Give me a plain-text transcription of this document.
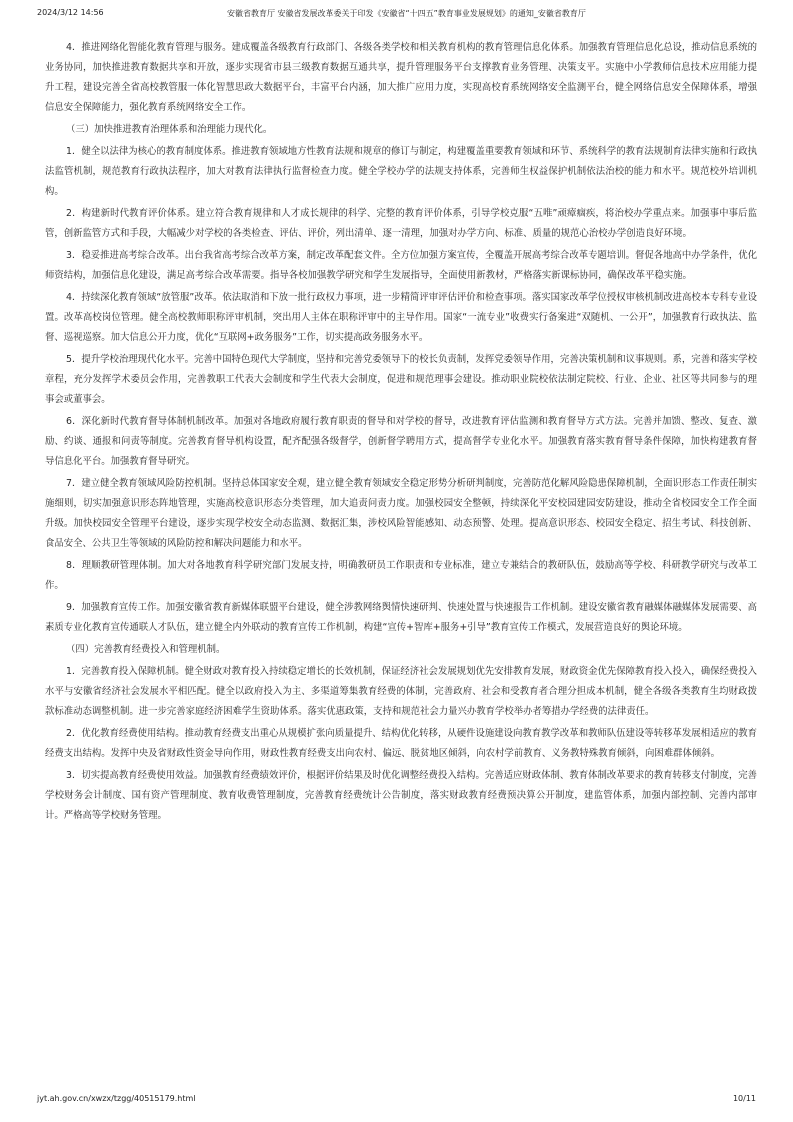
2024/3/12 14:56	安徽省教育厅 安徽省发展改革委关于印发《安徽省“十四五”教育事业发展规划》的通知_安徽省教育厅

4．推进网络化智能化教育管理与服务。建成覆盖各级教育行政部门、各级各类学校和相关教育机构的教育管理信息化体系。加强教育管理信息化总设，推动信息系统的业务协同，加快推进教育数据共享和开放，逐步实现省市县三级教育数据互通共享，提升管理服务平台支撑教育业务管理、决策支平。实施中小学教师信息技术应用能力提升工程，建设完善全省高校教管服一体化智慧思政大数据平台，丰富平台内涵，加大推广应用力度，实现高校育系统网络安全监测平台，健全网络信息安全保障体系，增强信息安全保障能力，强化教育系统网络安全工作。

（三）加快推进教育治理体系和治理能力现代化。

1．健全以法律为核心的教育制度体系。推进教育领域地方性教育法规和规章的修订与制定，构建覆盖重要教育领域和环节、系统科学的教育法规制育法律实施和行政执法监管机制，规范教育行政执法程序，加大对教育法律执行监督检查力度。健全学校办学的法规支持体系，完善师生权益保护机制依法治校的能力和水平。规范校外培训机构。

2．构建新时代教育评价体系。建立符合教育规律和人才成长规律的科学、完整的教育评价体系，引导学校克服“五唯”顽瘴痼疾，将治校办学重点来。加强事中事后监管，创新监管方式和手段，大幅减少对学校的各类检查、评估、评价，列出清单、逐一清理，加强对办学方向、标准、质量的规范心治校办学创造良好环境。

3．稳妥推进高考综合改革。出台我省高考综合改革方案，制定改革配套文件。全方位加强方案宣传，全覆盖开展高考综合改革专题培训。督促各地高中办学条件，优化师资结构，加强信息化建设，满足高考综合改革需要。指导各校加强教学研究和学生发展指导，全面使用新教材，严格落实新课标协同，确保改革平稳实施。

4．持续深化教育领域“放管服”改革。依法取消和下放一批行政权力事项，进一步精简评审评估评价和检查事项。落实国家改革学位授权审核机制改进高校本专科专业设置。改革高校岗位管理。健全高校教师职称评审机制，突出用人主体在职称评审中的主导作用。国家“一流专业”收费实行备案进“双随机、一公开”，加强教育行政执法、监督、巡视巡察。加大信息公开力度，优化“互联网+政务服务”工作，切实提高政务服务水平。

5．提升学校治理现代化水平。完善中国特色现代大学制度，坚持和完善党委领导下的校长负责制，发挥党委领导作用，完善决策机制和议事规则。系，完善和落实学校章程，充分发挥学术委员会作用，完善教职工代表大会制度和学生代表大会制度，促进和规范理事会建设。推动职业院校依法制定院校、行业、企业、社区等共同参与的理事会或董事会。

6．深化新时代教育督导体制机制改革。加强对各地政府履行教育职责的督导和对学校的督导，改进教育评估监测和教育督导方式方法。完善并加馈、整改、复查、激励、约谈、通报和问责等制度。完善教育督导机构设置，配齐配强各级督学，创新督学聘用方式，提高督学专业化水平。加强教育落实教育督导条件保障，加快构建教育督导信息化平台。加强教育督导研究。

7．建立健全教育领域风险防控机制。坚持总体国家安全观，建立健全教育领域安全稳定形势分析研判制度，完善防范化解风险隐患保障机制，全面识形态工作责任制实施细则，切实加强意识形态阵地管理，实施高校意识形态分类管理，加大追责问责力度。加强校园安全整顿，持续深化平安校园建园安防建设，推动全省校园安全工作全面升级。加快校园安全管理平台建设，逐步实现学校安全动态监测、数据汇集，涉校风险智能感知、动态预警、处理。提高意识形态、校园安全稳定、招生考试、科技创新、食品安全、公共卫生等领域的风险防控和解决问题能力和水平。

8．理顺教研管理体制。加大对各地教育科学研究部门发展支持，明确教研员工作职责和专业标准，建立专兼结合的教研队伍，鼓励高等学校、科研教学研究与改革工作。

9．加强教育宣传工作。加强安徽省教育新媒体联盟平台建设，健全涉教网络舆情快速研判、快速处置与快速报告工作机制。建设安徽省教育融媒体融媒体发展需要、高素质专业化教育宣传通联人才队伍，建立健全内外联动的教育宣传工作机制，构建“宣传+智库+服务+引导”教育宣传工作模式，发展营造良好的舆论环境。

（四）完善教育经费投入和管理机制。

1．完善教育投入保障机制。健全财政对教育投入持续稳定增长的长效机制，保证经济社会发展规划优先安排教育发展，财政资金优先保障教育投入投入，确保经费投入水平与安徽省经济社会发展水平相匹配。健全以政府投入为主、多渠道筹集教育经费的体制，完善政府、社会和受教育者合理分担成本机制，健全各级各类教育生均财政拨款标准动态调整机制。进一步完善家庭经济困难学生资助体系。落实优惠政策，支持和规范社会力量兴办教育学校举办者筹措办学经费的法律责任。

2．优化教育经费使用结构。推动教育经费支出重心从规模扩张向质量提升、结构优化转移，从硬件设施建设向教育教学改革和教师队伍建设等转移革发展相适应的教育经费支出结构。发挥中央及省财政性资金导向作用，财政性教育经费支出向农村、偏远、脱贫地区倾斜，向农村学前教育、义务教特殊教育倾斜，向困难群体倾斜。

3．切实提高教育经费使用效益。加强教育经费绩效评价，根据评价结果及时优化调整经费投入结构。完善适应财政体制、教育体制改革要求的教育转移支付制度，完善学校财务会计制度、国有资产管理制度、教育收费管理制度，完善教育经费统计公告制度，落实财政教育经费预决算公开制度，建监管体系，加强内部控制、完善内部审计。严格高等学校财务管理。

jyt.ah.gov.cn/xwzx/tzgg/40515179.html	10/11
